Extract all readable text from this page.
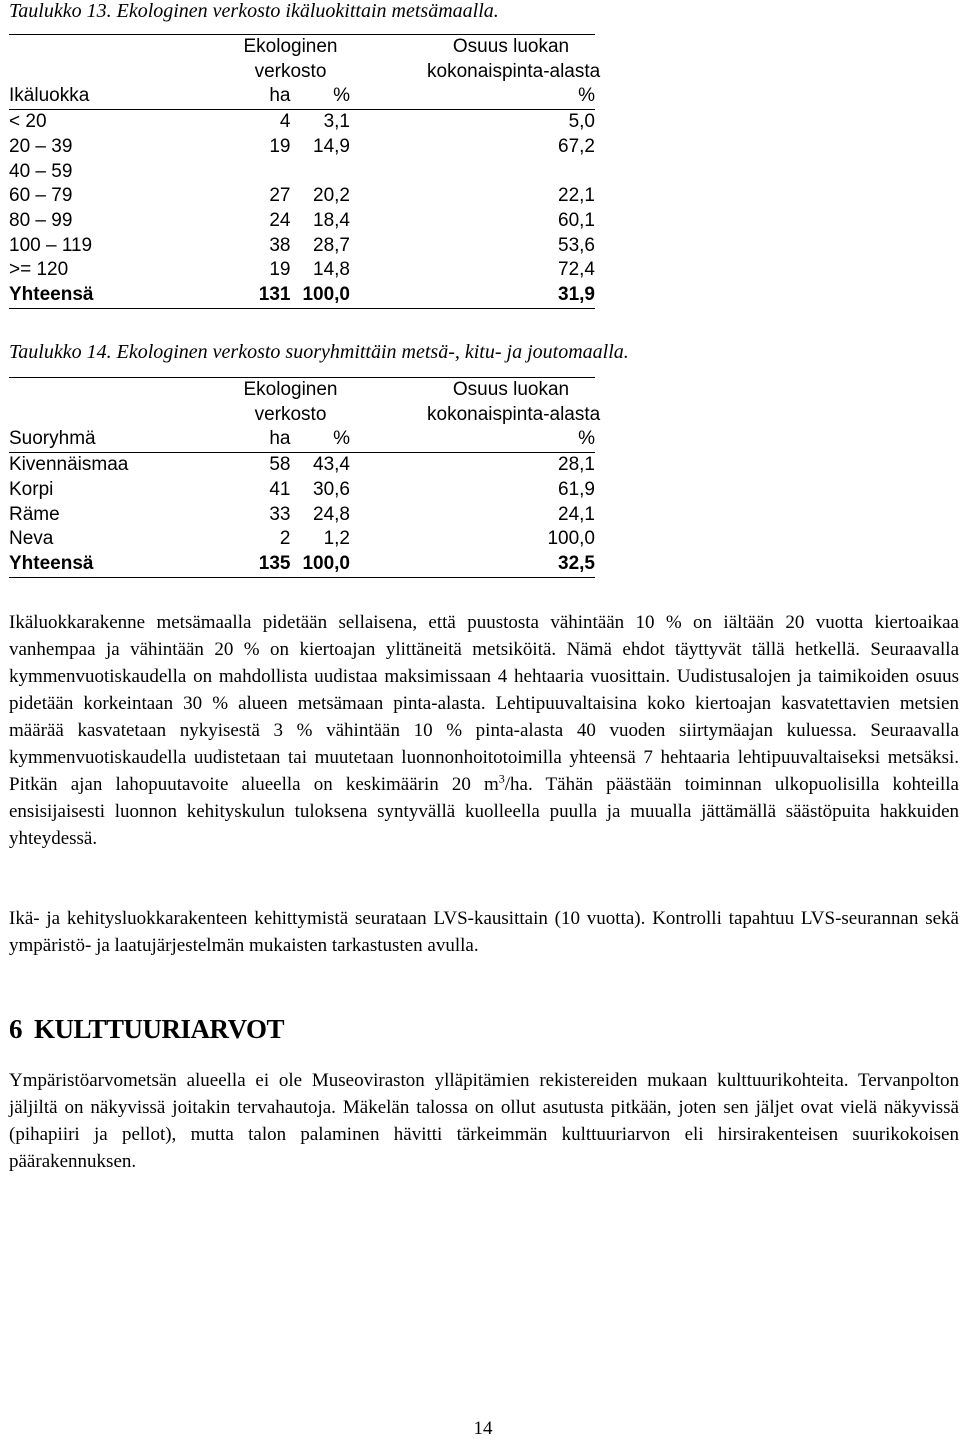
Taulukko 13. Ekologinen verkosto ikäluokittain metsämaalla.
	Ekologinen			Osuus luokan
	verkosto			kokonaispinta-alasta
Ikäluokka	ha	%		%
< 20	4	3,1		5,0
20 – 39	19	14,9		67,2
40 – 59				
60 – 79	27	20,2		22,1
80 – 99	24	18,4		60,1
100 – 119	38	28,7		53,6
>= 120	19	14,8		72,4
Yhteensä	131	100,0		31,9
Taulukko 14. Ekologinen verkosto suoryhmittäin metsä-, kitu- ja joutomaalla.
	Ekologinen			Osuus luokan
	verkosto			kokonaispinta-alasta
Suoryhmä	ha	%		%
Kivennäismaa	58	43,4		28,1
Korpi	41	30,6		61,9
Räme	33	24,8		24,1
Neva	2	1,2		100,0
Yhteensä	135	100,0		32,5

Ikäluokkarakenne metsämaalla pidetään sellaisena, että puustosta vähintään 10 % on iältään 20 vuotta kiertoaikaa vanhempaa ja vähintään 20 % on kiertoajan ylittäneitä metsiköitä. Nämä ehdot täyttyvät tällä hetkellä. Seuraavalla kymmenvuotiskaudella on mahdollista uudistaa maksimissaan 4 hehtaaria vuosittain. Uudistusalojen ja taimikoiden osuus pidetään korkeintaan 30 % alueen metsämaan pinta-alasta. Lehtipuuvaltaisina koko kiertoajan kasvatettavien metsien määrää kasvatetaan nykyisestä 3 % vähintään 10 % pinta-alasta 40 vuoden siirtymäajan kuluessa. Seuraavalla kymmenvuotiskaudella uudistetaan tai muutetaan luonnonhoitotoimilla yhteensä 7 hehtaaria lehtipuuvaltaiseksi metsäksi. Pitkän ajan lahopuutavoite alueella on keskimäärin 20 $m^3/ha$. Tähän päästään toiminnan ulkopuolisilla kohteilla ensisijaisesti luonnon kehityskulun tuloksena syntyvällä kuolleella puulla ja muualla jättämällä säästöpuita hakkuiden yhteydessä.

Ikä- ja kehitysluokkarakenteen kehittymistä seurataan LVS-kausittain (10 vuotta). Kontrolli tapahtuu LVS-seurannan sekä ympäristö- ja laatujärjestelmän mukaisten tarkastusten avulla.

6 KULTTUURIARVOT

Ympäristöarvometsän alueella ei ole Museoviraston ylläpitämien rekistereiden mukaan kulttuurikohteita. Tervanpolton jäljiltä on näkyvissä joitakin tervahautoja. Mäkelän talossa on ollut asutusta pitkään, joten sen jäljet ovat vielä näkyvissä (pihapiiri ja pellot), mutta talon palaminen hävitti tärkeimmän kulttuuriarvon eli hirsirakenteisen suurikokoisen päärakennuksen.

14
